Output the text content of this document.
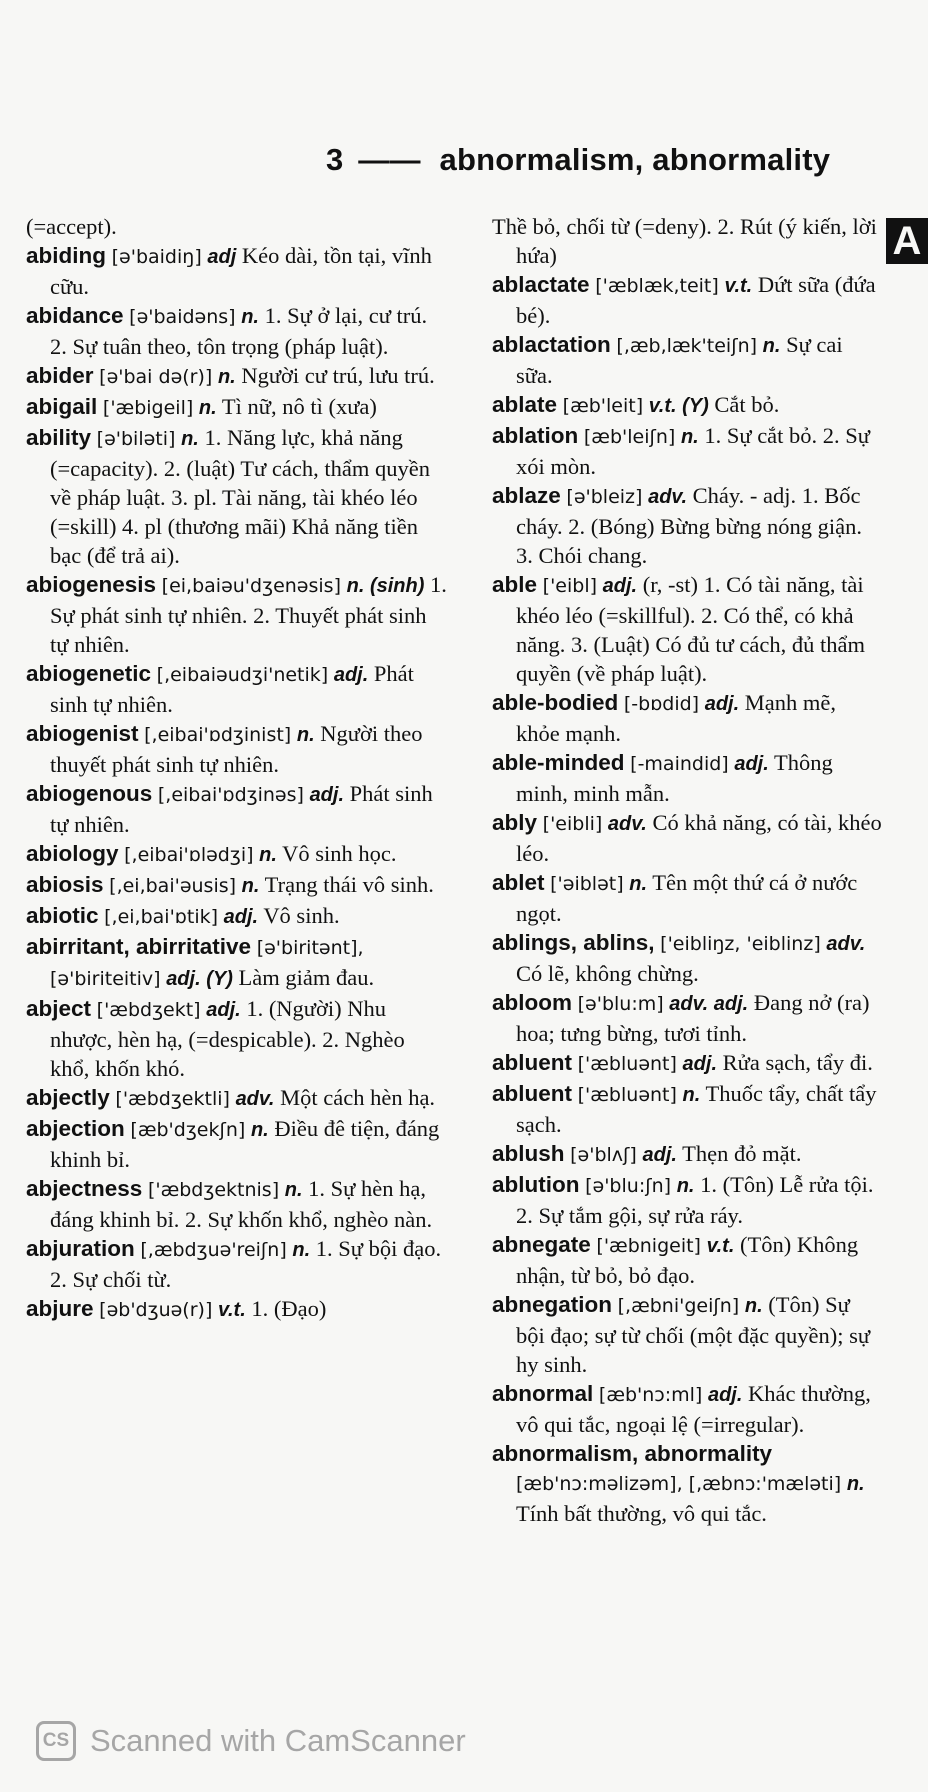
3 —— abnormalism, abnormality
A

(=accept).

abiding [ə'baidiŋ] adj Kéo dài, tồn tại, vĩnh cữu.

abidance [ə'baidəns] n. 1. Sự ở lại, cư trú. 2. Sự tuân theo, tôn trọng (pháp luật).

abider [ə'bai də(r)] n. Người cư trú, lưu trú.

abigail ['æbigeil] n. Tì nữ, nô tì (xưa)

ability [ə'biləti] n. 1. Năng lực, khả năng (=capacity). 2. (luật) Tư cách, thẩm quyền về pháp luật. 3. pl. Tài năng, tài khéo léo (=skill) 4. pl (thương mãi) Khả năng tiền bạc (để trả ai).

abiogenesis [ei,baiəu'dʒenəsis] n. (sinh) 1. Sự phát sinh tự nhiên. 2. Thuyết phát sinh tự nhiên.

abiogenetic [,eibaiəudʒi'netik] adj. Phát sinh tự nhiên.

abiogenist [,eibai'ɒdʒinist] n. Người theo thuyết phát sinh tự nhiên.

abiogenous [,eibai'ɒdʒinəs] adj. Phát sinh tự nhiên.

abiology [,eibai'ɒlədʒi] n. Vô sinh học.

abiosis [,ei,bai'əusis] n. Trạng thái vô sinh.

abiotic [,ei,bai'ɒtik] adj. Vô sinh.

abirritant, abirritative [ə'biritənt],[ə'biriteitiv] adj. (Y) Làm giảm đau.

abject ['æbdʒekt] adj. 1. (Người) Nhu nhược, hèn hạ, (=despicable). 2. Nghèo khổ, khốn khó.

abjectly ['æbdʒektli] adv. Một cách hèn hạ.

abjection [æb'dʒekʃn] n. Điều đê tiện, đáng khinh bỉ.

abjectness ['æbdʒektnis] n. 1. Sự hèn hạ, đáng khinh bỉ. 2. Sự khốn khổ, nghèo nàn.

abjuration [,æbdʒuə'reiʃn] n. 1. Sự bội đạo. 2. Sự chối từ.

abjure [əb'dʒuə(r)] v.t. 1. (Đạo)

Thề bỏ, chối từ (=deny). 2. Rút (ý kiến, lời hứa)

ablactate ['æblæk,teit] v.t. Dứt sữa (đứa bé).

ablactation [,æb,læk'teiʃn] n. Sự cai sữa.

ablate [æb'leit] v.t. (Y) Cắt bỏ.

ablation [æb'leiʃn] n. 1. Sự cắt bỏ. 2. Sự xói mòn.

ablaze [ə'bleiz] adv. Cháy. - adj. 1. Bốc cháy. 2. (Bóng) Bừng bừng nóng giận. 3. Chói chang.

able ['eibl] adj. (r, -st) 1. Có tài năng, tài khéo léo (=skillful). 2. Có thể, có khả năng. 3. (Luật) Có đủ tư cách, đủ thẩm quyền (về pháp luật).

able-bodied [-bɒdid] adj. Mạnh mẽ, khỏe mạnh.

able-minded [-maindid] adj. Thông minh, minh mẫn.

ably ['eibli] adv. Có khả năng, có tài, khéo léo.

ablet ['əiblət] n. Tên một thứ cá ở nước ngọt.

ablings, ablins, ['eibliŋz, 'eiblinz] adv. Có lẽ, không chừng.

abloom [ə'blu:m] adv. adj. Đang nở (ra) hoa; tưng bừng, tươi tỉnh.

abluent ['æbluənt] adj. Rửa sạch, tẩy đi.

abluent ['æbluənt] n. Thuốc tẩy, chất tẩy sạch.

ablush [ə'blʌʃ] adj. Thẹn đỏ mặt.

ablution [ə'blu:ʃn] n. 1. (Tôn) Lễ rửa tội. 2. Sự tắm gội, sự rửa ráy.

abnegate ['æbnigeit] v.t. (Tôn) Không nhận, từ bỏ, bỏ đạo.

abnegation [,æbni'geiʃn] n. (Tôn) Sự bội đạo; sự từ chối (một đặc quyền); sự hy sinh.

abnormal [æb'nɔ:ml] adj. Khác thường, vô qui tắc, ngoại lệ (=irregular).

abnormalism, abnormality [æb'nɔ:məlizəm], [,æbnɔ:'mæləti] n. Tính bất thường, vô qui tắc.

CS Scanned with CamScanner
